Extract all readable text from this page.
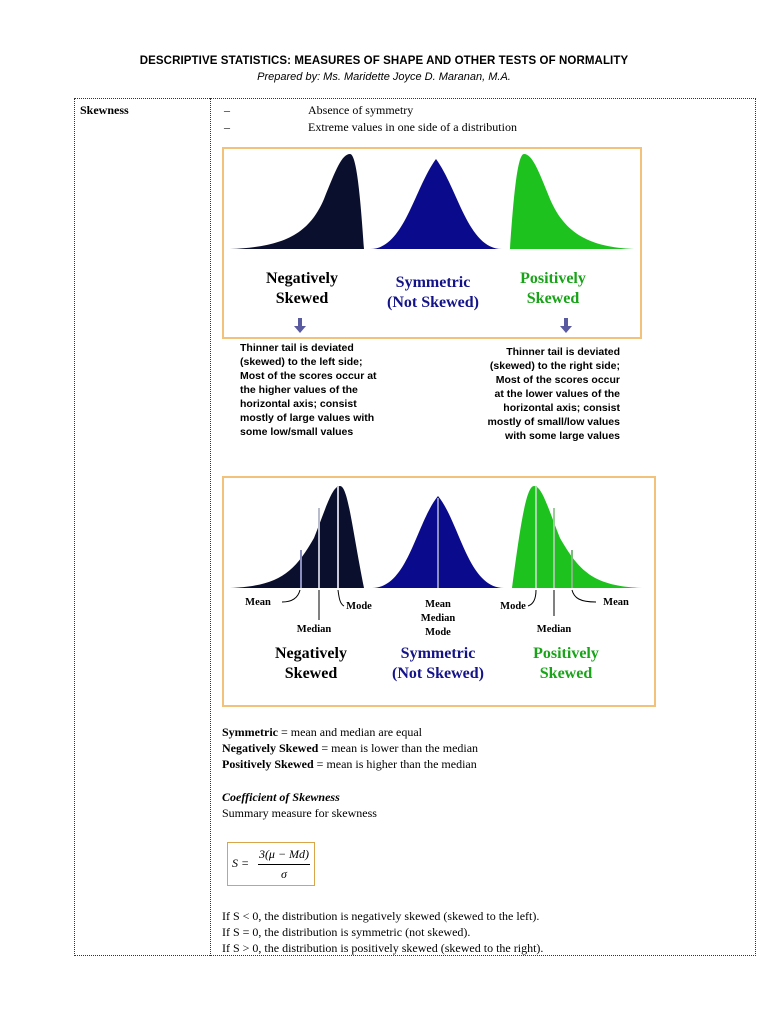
DESCRIPTIVE STATISTICS: MEASURES OF SHAPE AND OTHER TESTS OF NORMALITY
Prepared by: Ms. Maridette Joyce D. Maranan, M.A.
Skewness	–	Absence of symmetry
–	Extreme values in one side of a distribution
Negatively
Skewed
Symmetric
(Not Skewed)
Positively
Skewed
Thinner tail is deviated
(skewed) to the left side;
Most of the scores occur at
the higher values of the
horizontal axis; consist
mostly of large values with
some low/small values
Thinner tail is deviated
(skewed) to the right side;
Most of the scores occur
at the lower values of the
horizontal axis; consist
mostly of small/low values
with some large values
Mean
Median
Mode	Mean
Median
Mode
Mode
Median
Mean
Negatively
Skewed
Symmetric
(Not Skewed)
Positively
Skewed
Symmetric = mean and median are equal
Negatively Skewed = mean is lower than the median
Positively Skewed = mean is higher than the median
Coefficient of Skewness
Summary measure for skewness
S =
3(μ − Md)
σ
If S < 0, the distribution is negatively skewed (skewed to the left).
If S = 0, the distribution is symmetric (not skewed).
If S > 0, the distribution is positively skewed (skewed to the right).
